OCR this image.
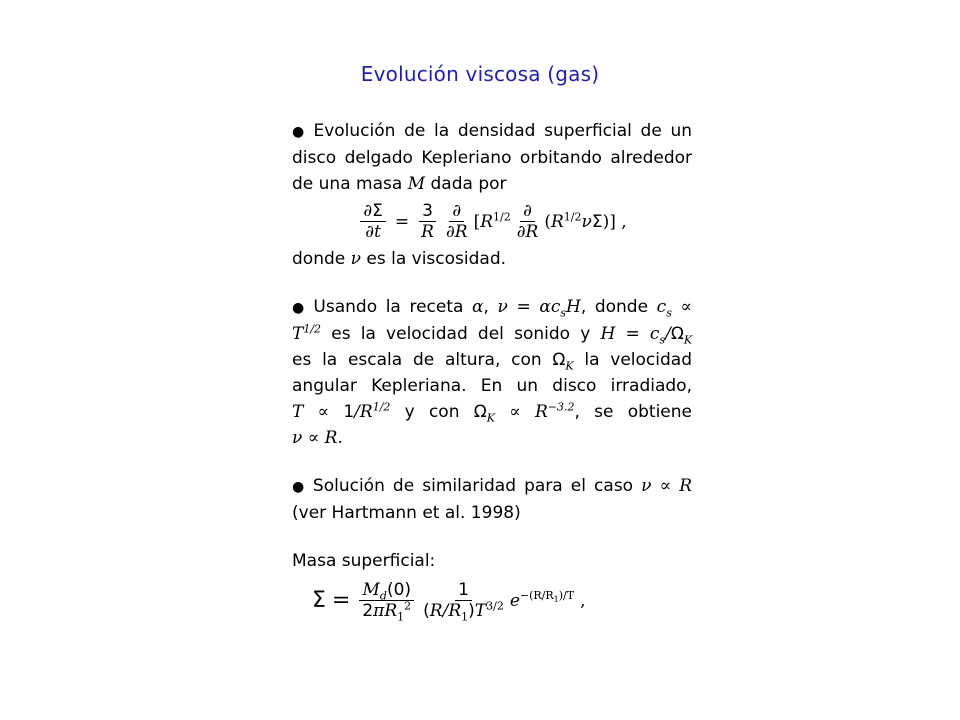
Evolución viscosa (gas)
● Evolución de la densidad superficial de un
disco delgado Kepleriano orbitando alrededor
de una masa M dada por
$\frac{\partial\Sigma}{\partial t} = \frac{3}{R} \frac{\partial}{\partial R} [R^{1/2} \frac{\partial}{\partial R} (R^{1/2}\nu\Sigma)]$ ,
donde ν es la viscosidad.
● Usando la receta α, $\nu = \alpha c_sH$, donde $c_s$ ∝
$T^{1/2}$ es la velocidad del sonido y $H = c_s/\Omega_K$
es la escala de altura, con $\Omega_K$ la velocidad
angular Kepleriana. En un disco irradiado,
$T \propto 1/R^{1/2}$ y con $\Omega_K \propto R^{-3.2}$, se obtiene
ν ∝ R.
● Solución de similaridad para el caso ν ∝ R
(ver Hartmann et al. 1998)
Masa superficial:
$\Sigma = \frac{M_d(0)}{2\pi R_1^2} \frac{1}{(R/R_1)T^{3/2}} e^{-(R/R_1)/T}$ ,
